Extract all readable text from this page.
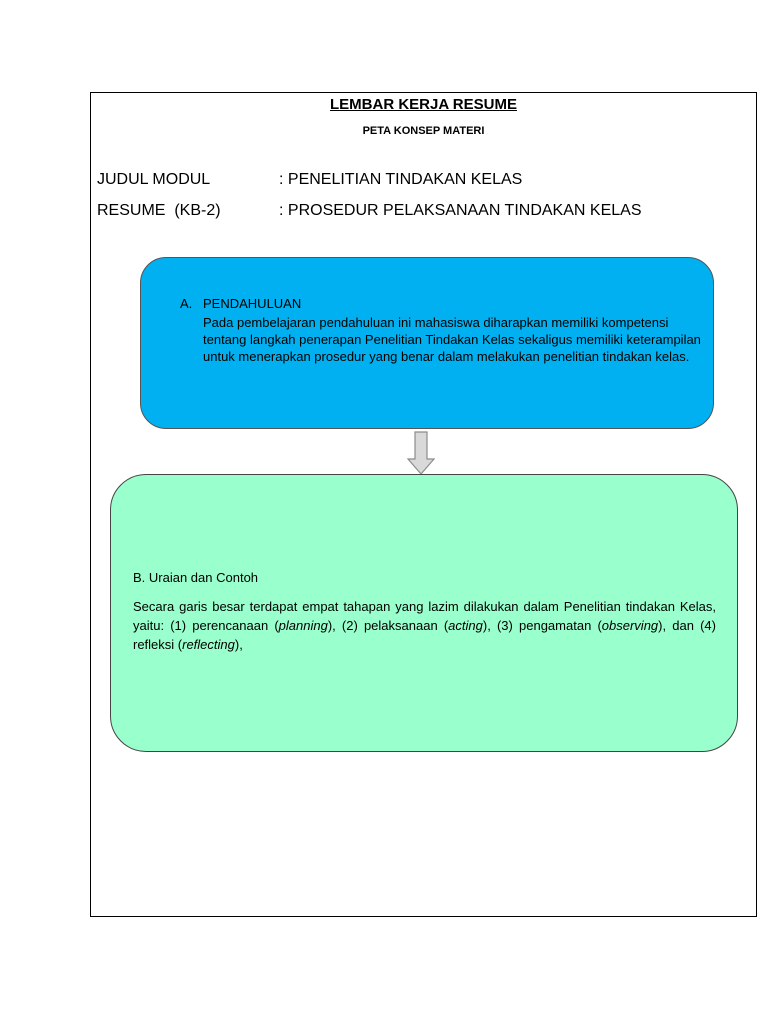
LEMBAR KERJA RESUME
PETA KONSEP MATERI
JUDUL MODUL	: PENELITIAN TINDAKAN KELAS
RESUME  (KB-2)	: PROSEDUR PELAKSANAAN TINDAKAN KELAS
A. PENDAHULUAN
Pada pembelajaran pendahuluan ini mahasiswa diharapkan memiliki kompetensi tentang langkah penerapan Penelitian Tindakan Kelas sekaligus memiliki keterampilan untuk menerapkan prosedur yang benar dalam melakukan penelitian tindakan kelas.
B. Uraian dan Contoh
Secara garis besar terdapat empat tahapan yang lazim dilakukan dalam Penelitian tindakan Kelas, yaitu: (1) perencanaan (planning), (2) pelaksanaan (acting), (3) pengamatan (observing), dan (4) refleksi (reflecting),
